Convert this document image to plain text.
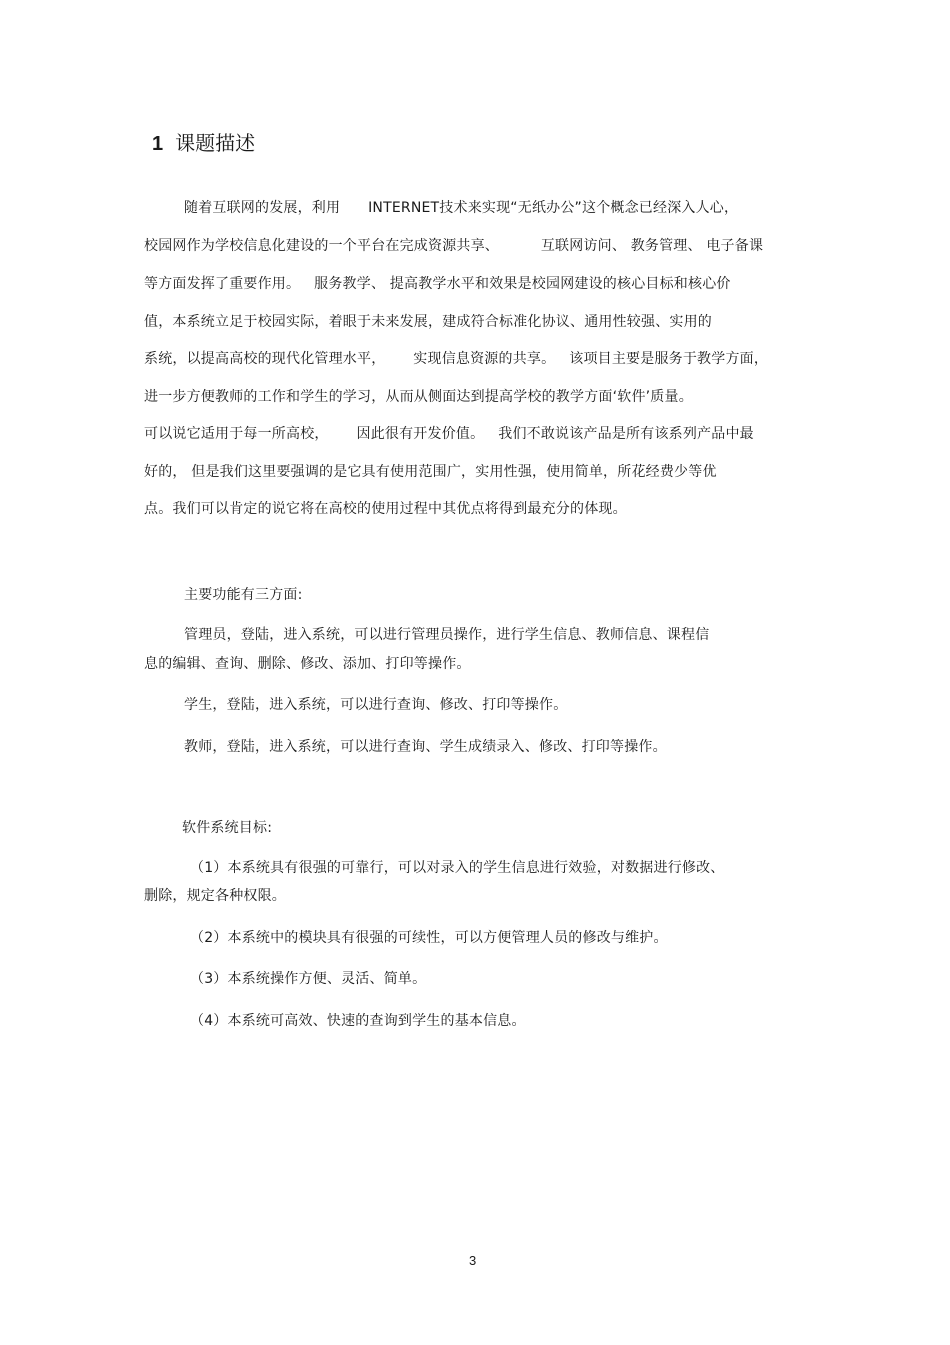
1 课题描述
随着互联网的发展，利用      INTERNET技术来实现“无纸办公”这个概念已经深入人心，
校园网作为学校信息化建设的一个平台在完成资源共享、         互联网访问、 教务管理、 电子备课
等方面发挥了重要作用。   服务教学、 提高教学水平和效果是校园网建设的核心目标和核心价
值，本系统立足于校园实际，着眼于未来发展，建成符合标准化协议、通用性较强、实用的
系统，以提高高校的现代化管理水平，      实现信息资源的共享。   该项目主要是服务于教学方面，
进一步方便教师的工作和学生的学习，从而从侧面达到提高学校的教学方面‘软件’质量。
可以说它适用于每一所高校，      因此很有开发价值。   我们不敢说该产品是所有该系列产品中最
好的， 但是我们这里要强调的是它具有使用范围广，实用性强，使用简单，所花经费少等优
点。我们可以肯定的说它将在高校的使用过程中其优点将得到最充分的体现。
主要功能有三方面:
管理员，登陆，进入系统，可以进行管理员操作，进行学生信息、教师信息、课程信
息的编辑、查询、删除、修改、添加、打印等操作。
学生，登陆，进入系统，可以进行查询、修改、打印等操作。
教师，登陆，进入系统，可以进行查询、学生成绩录入、修改、打印等操作。
软件系统目标:
（1）本系统具有很强的可靠行，可以对录入的学生信息进行效验，对数据进行修改、
删除，规定各种权限。
（2）本系统中的模块具有很强的可续性，可以方便管理人员的修改与维护。
（3）本系统操作方便、灵活、简单。
（4）本系统可高效、快速的查询到学生的基本信息。
3
